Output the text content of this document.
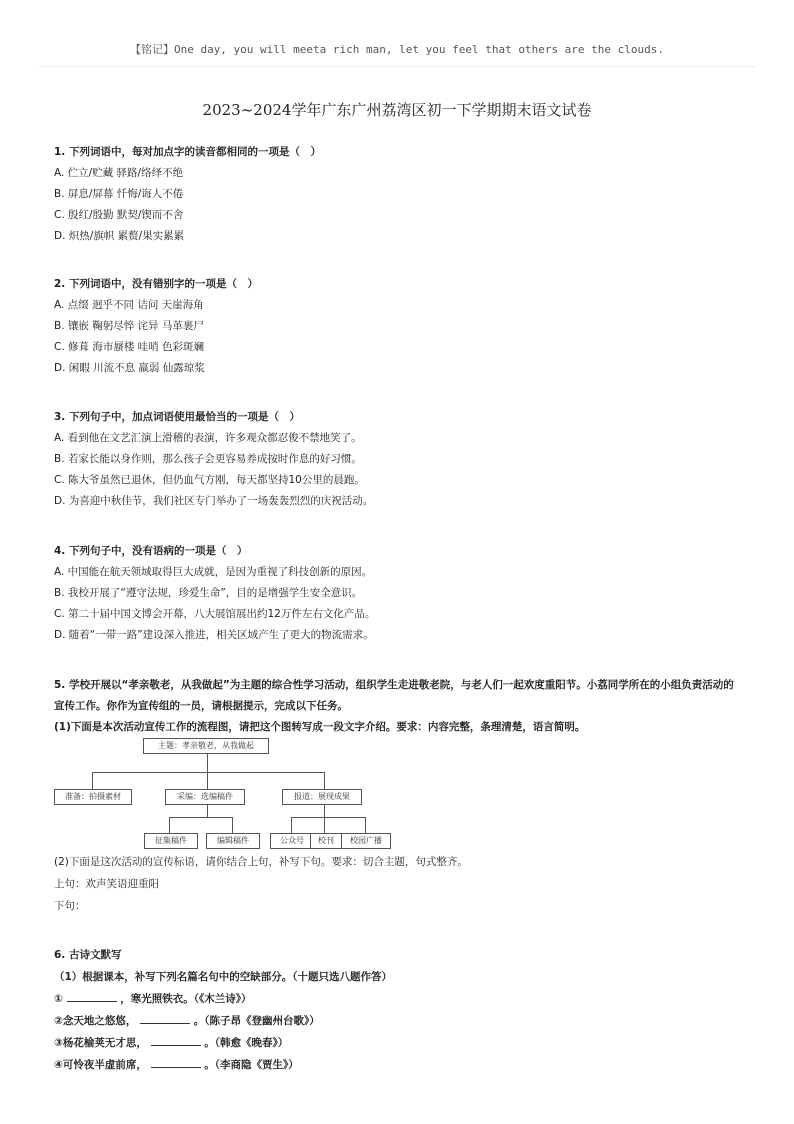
【铭记】One day, you will meeta rich man, let you feel that others are the clouds.
2023~2024学年广东广州荔湾区初一下学期期末语文试卷
1. 下列词语中，每对加点字的读音都相同的一项是（　）
A. 伫立/贮藏 驿路/络绎不绝
B. 屏息/屏幕 忏悔/诲人不倦
C. 殷红/殷勤 默契/锲而不舍
D. 炽热/旗帜 累赘/果实累累
2. 下列词语中，没有错别字的一项是（　）
A. 点缀 迥乎不同 诘问 天崖海角
B. 镶嵌 鞠躬尽悴 诧异 马革裹尸
C. 修葺 海市蜃楼 哇哨 色彩斑斓
D. 闲暇 川流不息 羸弱 仙露琼浆
3. 下列句子中，加点词语使用最恰当的一项是（　）
A. 看到他在文艺汇演上滑稽的表演，许多观众都忍俊不禁地笑了。
B. 若家长能以身作则，那么孩子会更容易养成按时作息的好习惯。
C. 陈大爷虽然已退休，但仍血气方刚，每天都坚持10公里的晨跑。
D. 为喜迎中秋佳节，我们社区专门举办了一场轰轰烈烈的庆祝活动。
4. 下列句子中，没有语病的一项是（　）
A. 中国能在航天领域取得巨大成就，是因为重视了科技创新的原因。
B. 我校开展了“遵守法规，珍爱生命”，目的是增强学生安全意识。
C. 第二十届中国文博会开幕，八大展馆展出约12万件左右文化产品。
D. 随着“一带一路”建设深入推进，相关区域产生了更大的物流需求。
5. 学校开展以“孝亲敬老，从我做起”为主题的综合性学习活动，组织学生走进敬老院，与老人们一起欢度重阳节。小荔同学所在的小组负责活动的宣传工作。你作为宣传组的一员，请根据提示，完成以下任务。
(1)下面是本次活动宣传工作的流程图，请把这个图转写成一段文字介绍。要求：内容完整，条理清楚，语言简明。
主题：孝亲敬老，从我做起
准备：拍摄素材	采编：选编稿件	报道：展现成果
征集稿件	编辑稿件	公众号	校刊	校园广播
(2)下面是这次活动的宣传标语，请你结合上句，补写下句。要求：切合主题，句式整齐。
上句：欢声笑语迎重阳
下句：
6. 古诗文默写
（1）根据课本，补写下列名篇名句中的空缺部分。（十题只选八题作答）
①	，寒光照铁衣。（《木兰诗》）
②念天地之悠悠，	。（陈子昂《登幽州台歌》）
③杨花榆荚无才思，	。（韩愈《晚春》）
④可怜夜半虚前席，	。（李商隐《贾生》）
